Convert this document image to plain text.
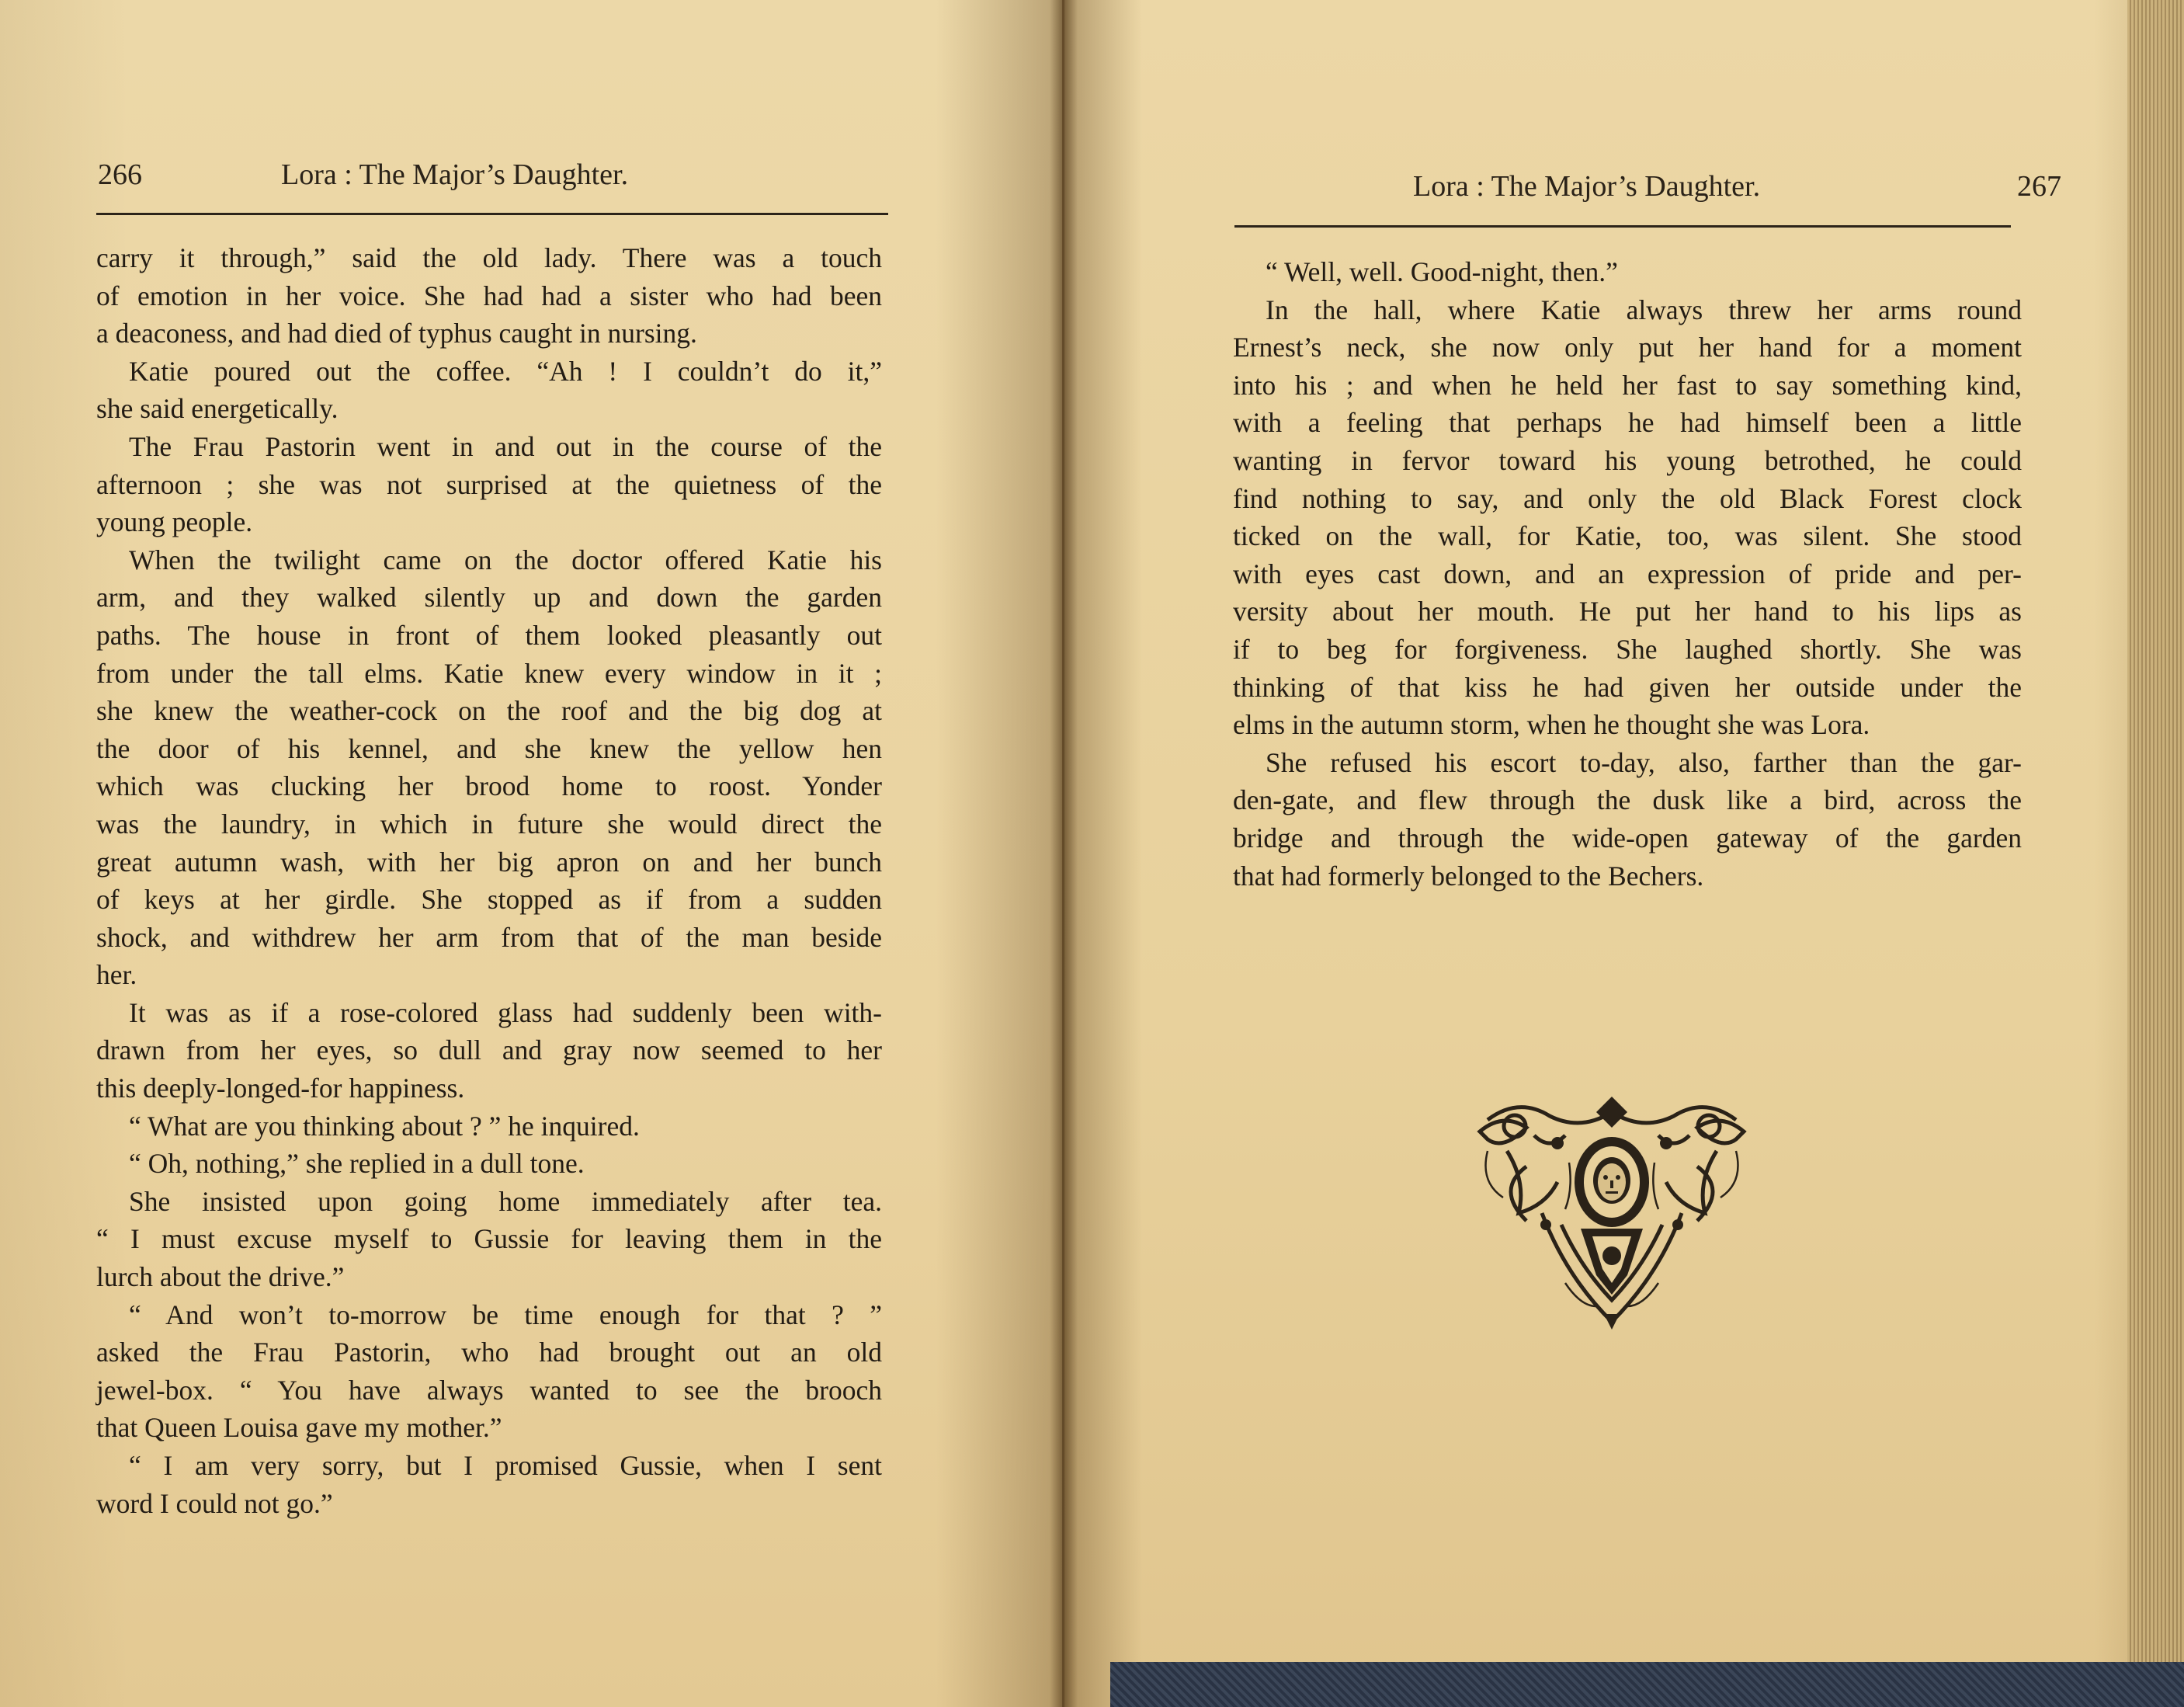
266	Lora : The Major’s Daughter.
carry it through,” said the old lady. There was a touch
of emotion in her voice. She had had a sister who had been
a deaconess, and had died of typhus caught in nursing.
Katie poured out the coffee. “Ah ! I couldn’t do it,”
she said energetically.
The Frau Pastorin went in and out in the course of the
afternoon ; she was not surprised at the quietness of the
young people.
When the twilight came on the doctor offered Katie his
arm, and they walked silently up and down the garden
paths. The house in front of them looked pleasantly out
from under the tall elms. Katie knew every window in it ;
she knew the weather-cock on the roof and the big dog at
the door of his kennel, and she knew the yellow hen
which was clucking her brood home to roost. Yonder
was the laundry, in which in future she would direct the
great autumn wash, with her big apron on and her bunch
of keys at her girdle. She stopped as if from a sudden
shock, and withdrew her arm from that of the man beside
her.
It was as if a rose-colored glass had suddenly been with-
drawn from her eyes, so dull and gray now seemed to her
this deeply-longed-for happiness.
“ What are you thinking about ? ” he inquired.
“ Oh, nothing,” she replied in a dull tone.
She insisted upon going home immediately after tea.
“ I must excuse myself to Gussie for leaving them in the
lurch about the drive.”
“ And won’t to-morrow be time enough for that ? ”
asked the Frau Pastorin, who had brought out an old
jewel-box. “ You have always wanted to see the brooch
that Queen Louisa gave my mother.”
“ I am very sorry, but I promised Gussie, when I sent
word I could not go.”
Lora : The Major’s Daughter.	267
“ Well, well. Good-night, then.”
In the hall, where Katie always threw her arms round
Ernest’s neck, she now only put her hand for a moment
into his ; and when he held her fast to say something kind,
with a feeling that perhaps he had himself been a little
wanting in fervor toward his young betrothed, he could
find nothing to say, and only the old Black Forest clock
ticked on the wall, for Katie, too, was silent. She stood
with eyes cast down, and an expression of pride and per-
versity about her mouth. He put her hand to his lips as
if to beg for forgiveness. She laughed shortly. She was
thinking of that kiss he had given her outside under the
elms in the autumn storm, when he thought she was Lora.
She refused his escort to-day, also, farther than the gar-
den-gate, and flew through the dusk like a bird, across the
bridge and through the wide-open gateway of the garden
that had formerly belonged to the Bechers.
